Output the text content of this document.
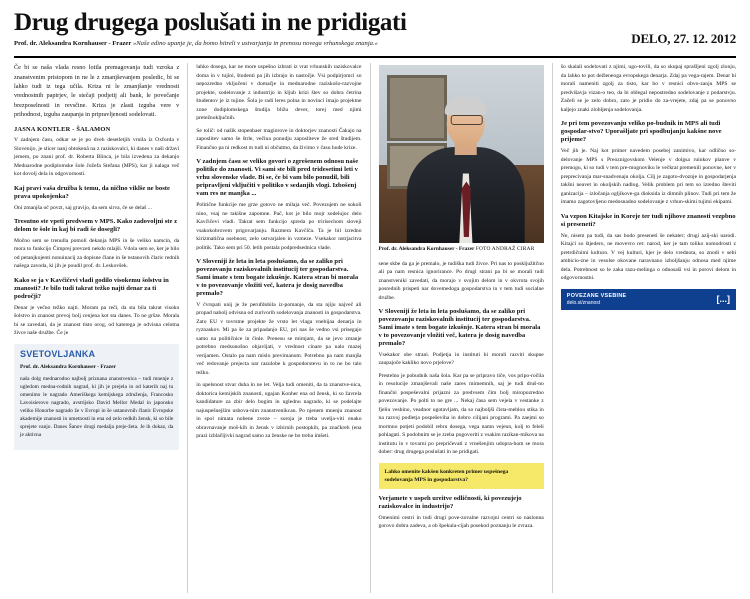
Drug drugega poslušati in ne pridigati
Prof. dr. Aleksandra Kornhauser - Frazer »Naše edino upanje je, da bomo hitreli v ustvarjanju in prenosu novega vrhunskega znanja.«	DELO, 27. 12. 2012

Če bi se naša vlada resno lotila premagovanja tudi vzroka z znanstvenim pristopom in ne le z zmanjševanjem posledic, bi se lahko tudi iz tega učila. Kriza ni le zmanjšanje vrednosti vrednostnih papirjev, le stečaji podjetij ali bank, le povečanje brezposelnosti in revsčine. Kriza je zlasti izguba vere v prihodnost, izguba zaupanja in pripravljenosti sodelovati.

JASNA KONTLER - ŠALAMON

V zadnjem času, odkar se je po dveh desetletjih vrnila iz Oxforda v Slovenijo, je slicer nanj obtokenă na z raziskovalci, ki danes v naši državi jemem, po znani prof. dr. Roberta Blinca, je bila izvedena za dekanjo Mednarodne podiplomske šole Jožefa Stefana (MPS), kar ji nalaga več kot dovolj dela in odgovornosti.

Kaj pravi vaša družba k temu, da ničlno viklše ne boste prava upokojenka?

Oni zmanjša oč povzt, saj gravijo, da sem sirva, če se delaš ...

Tresutno ste vpeti predvsem v MPS. Kako zadovoljni ste z delom te šole in kaj bi radi še dosegli?

Močno sem se trenulla pomoli dekanja MPS in še veliko namcin, da mora to funkcijo Čimprej prevzeti nekdo mlajši. Vdola sem se, ker je bilo od petanjkojenti nonuinacij za dopisne člane in še nstanovih člaric rednih našega zavoda, ki jih je poudil prof. dr. Leskovšek.

Kako se ja v Kavčičevi vladi godilo visokemu šolstvu in znanosti? Je bilo tudi takrat težko najti denar za ti področji?

Denar je večno težko najti. Moram pa reči, da sta bila takrat visoko šolstvo in znanost prevoj bolj cenjena kot sta danes. To ne gršze. Morala bi se zavedati, da je znanost tisto orog, od katerega je odvisna celotna živce naše družbe. Če je

SVETOVLJANKA

Prof. dr. Aleksandra Kornhauser - Frazer

naša dolg mednarodno najbolj priznana znanstvenica – tudi mnenje z ugledom medna-rodnih nagrad, ki jih je prejela in od katerih naj tu omenimo le nagrado Ameriškega kemijskega združenja, Francosko Lavoisierovo nagrado, avstrijsko David Mellor Medal in japonsko veliko Honorbe nagrado že v Evropi in še ustanovnih članic Evropske akademije znanosti in umetnosti in ena od zelo redkih žensk, ki so bile sprejete vanjo. Danes Šanov drugi medalja preje-žeta. Je ih dokaz, da je aktivna

lahko dosega, kar ne more uspešno izbrati iz vrat vrhunskih raziskovalce doma in v tujini, študenti pa jih izbrajo in nastočje. Vsi podpirjomci so nepozredno vključeni v domačje in mednarodne raziskošo-razvojne projekte, sodelovanje z industrijo in kljub krizi štev so dobra četrina študentov je iz tujine. Šola je radi leres polna in novinci imajo projektne zone dodiplomskega študija bližu dever, torej med njimi pretežnoključnih.

Se tolič: od našik stopenbaer maginrove in doktorjev znanosti Čakajo na zaposlitev samo še štrle, večina ponudju zaposliteve že sred študijem. Finančno pa ni redkost m tudi ni občutmo, da živimo v času hude krize.

V zadnjem času se veliko govori o zgrešenem odnosu naše politike do znanosti. Vi sami ste bili pred tridesetimi leti v vrhu slovenske vlade. Bi se, če bi vam bilo ponudil, bili pripravljeni vključiti v politiko v sedanjih vlogi. Izbošenj vam res ne manjka ...

Politične funkcije me grze gotovo ne milaja več. Povezujem ne sokoli nino, vsaj ne takišne zapomne. Pač, kot je bilo mojr sodelujoc delo Kavčičevi vladi. Takrat sem funkcijo spreda po tririsechom sloveji vsakokobrovem prigovarjanju. Razmera Kavčiča. Ta je bil izredno kirizmatična osebnost, zelo ustvarjalen in vzmeze. Vsekakor nstrjacitva politik. Tako sem pri 50. letih postala podpredsednica vlade.

V Sloveniji že leta in leta poslušamo, da se zaliko pri povezovanju raziskovalnih institucij ter gospodarstva. Sami imate s tem bogate izkušnje. Katera stran bi morala v to povezovanje vložiti več, katera je dosig navedba premalo?

V čvrspati unij je že perufdobila iz-pomanje, da sta njiju največ ali propad nabolj odvisna od zurivorih sodelovanja znanosti in gospodarstva. Zato EU v tovrstne projekte že vrsto let vlaga vnebijaa denarja in ryznaskov. Mi pa še za pripadanjo EU, pri nas še vedno vsi prisegajo samo na političnice in činle. Prenesu se mimjam, da se jevo zmanje potrebno medsunošno objavljati, v vrednost cinare pa nalo mazej verijamen. Ostalo pa nam mislo previmanom. Potrebno pa nam manjša več redovanje prejecta nar razulobe k gospodorstevu in to ne bo talo težko.

in upelsnost stvar duha in ne let. Velja tudi omeniti, da ta znanstve-nica, doktorica kemijskih znanosti, ugajan Konher ena od žensk, ki so žavrela kandidature za zbir delo bogim in uglednu nagrado, ki se podelajte najuspešnejšim usbova-nim znanstvenikcan. Po njenem mnenju znanost in spol nimata nobene zveze – soroja je treba uvelja-viti enako obravnavanje moš-kih in žensk v izbirnih postopkih, pa značkreh (ena prazi izblačljivki nagrad samo za ženske ne bo treba imšeti.

Prof. dr. Aleksandra Kornhauser - Frazer FOTO ANDRAŽ CIRAR

sene skbe da ga je premalo, je tudiška tudi živce. Pri nas to poskljužitčno ali pa nam resnica ignorirance. Po drugi strani pa bi se morali tudi znanstveniki zavedati, da morajo v svojim delom in v okvrota svojih posrednih prispeti nar dovemedoga gospodarstva in v tem tudi socialne družbe.

V Sloveniji že leta in leta poslušamo, da se zaliko pri povezovanju raziskovalnih institucij ter gospodarstva. Sami imate s tem bogate izkušnje. Katera stran bi morala v to povezovanje vložiti več, katera je dosig navedba premalo?

Vsekakor obe strani. Podjetja in instituti bi morali razviti skupne zaupajoče kakliko novo prjelove?

Prestelno je pobudnik naša šola. Kar pa se pripravo tiče, vos pripo-ročila in resolucije zmanjševali naše zares mimemnih, saj je tudi druš-no finančni pospeševalni prijazni za predvsem čim bolj miropozredno povezovanje. Po polti to ne gre ... Nekaj časa sem vejela v vestanke z fjeliu vesbino, veadnor ugotavljam, da so najboljši čista-meblou stika in na razvoj podletja pospeševiha in dobro cilijani programi. Pa zaejmi so mormno potjeti podobil rebru dosega, vega namn vejeun, kolj to feleli pohlagati. S podobnim se je zreba pogovoriti z vsakim razikan-mikova na institutu in v tovarni po prepričevati z vrnešenjim udopra-hom se mora dober: drug drugega poslušati in ne pridigati.

Lahko omenite kakšen konkreten primer uspešnega sodelovanja MPS in gospodarstva?

Verjamete v uspeh ureitve odličnosti, ki povezujejo raziskovalce in industrijo?

Omenimi cestri in tudi drugi pove-zovalne razvojni centri so naslonna gorovo dobra zadeva, a ob špekula-cijah posekod poznanju le zvraza.

šo skalali sodelovati z njimi, ugo-tovili, da so skupaj sprašljeni zgolj zlonju, da lahko to pot dežleneoga evropskega denarja. Zdaj pa vega-rajem. Denar bi morali nameniti zgolj za tisto, kar bo v resnici obvo-zanju MPS se predvišavja vizan-o teo, da bi oblegal nepostredno sodelovanje z podarstvju. Začeli se je zelo dobro, zato je pridio do za-vrejete, zdaj pa se ponovno kaljejo znaki zlobljenja sodelovanja.

Je pri tem povezovanju veliko po-budnik in MPS ali tudi gospodar-stvo? Uporašljate pri spodbujanju kakšne nove prijeme?

Več jih je. Naj kot primer navedem posebej zanimivo, kar odlično so-delovanje MPS s Preoznigovskom Velenje v dolgsa ruinkov planve v premogu, ki so tudi v tem pre-mognoviku le večkrat premenili ponovne, ker v preprecivanja mar-snadvenaju okolja. Cilj je zagoto-dvoznje in gospodarjenja takšni neavet in okoljskih nadlog. Velik problem pri tem so izredno števiti ganizacija – izločanja ogljikove-ga dioksida iz dimnih plinov. Tudi pri tem že imamo zagotovljeno medosnadno sodelovanje z vrhun-skimi tujimi ekipami.

Va vzpon Kitajske in Koreje ter tudi njihove znanosti vezpbno si preseneti?

Ne, nisem pa tudi, da sas bodo preseneti še nekater; drugi azij-ski narodi. Kitajci so štjedero, ne movevro ret: narod, ker je tam toliko nomodrosti z pretrdičnimi kulturo. V vej kulturi, kjer je delo vrednota, so znodi v sebi ambicio-zne in vesolse okovane naravnano izboljšanju odnosa med njime dela. Potrebnost so le zaka razu-melinga o odnosaši vsi in porovi delom in odgovornostni.

POVEZANE VSEBINE
delo.si/znanost	[...]
